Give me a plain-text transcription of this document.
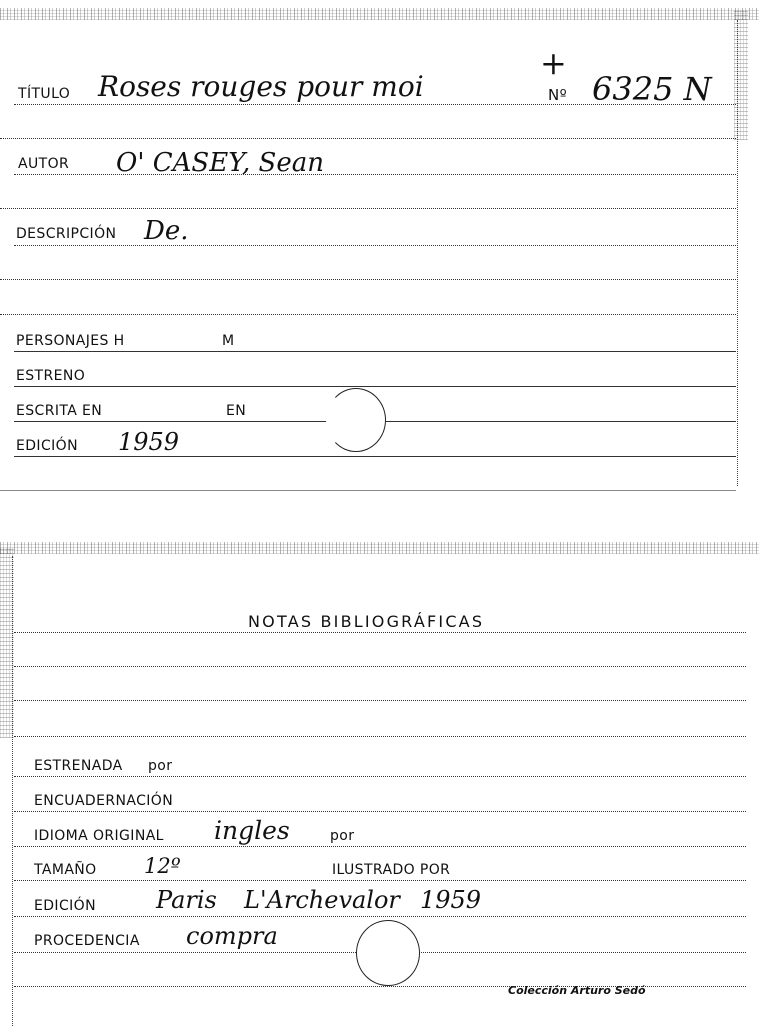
TÍTULO Roses rouges pour moi
+
Nº 6325 N
AUTOR O' CASEY, Sean
DESCRIPCIÓN De.
PERSONAJES H	M
ESTRENO
ESCRITA EN	EN
EDICIÓN 1959
NOTAS BIBLIOGRÁFICAS
ESTRENADA por
ENCUADERNACIÓN
IDIOMA ORIGINAL ingles	por
TAMAÑO 12º	ILUSTRADO POR
EDICIÓN	Paris L'Archevalor 1959
PROCEDENCIA compra
Colección Arturo Sedó
